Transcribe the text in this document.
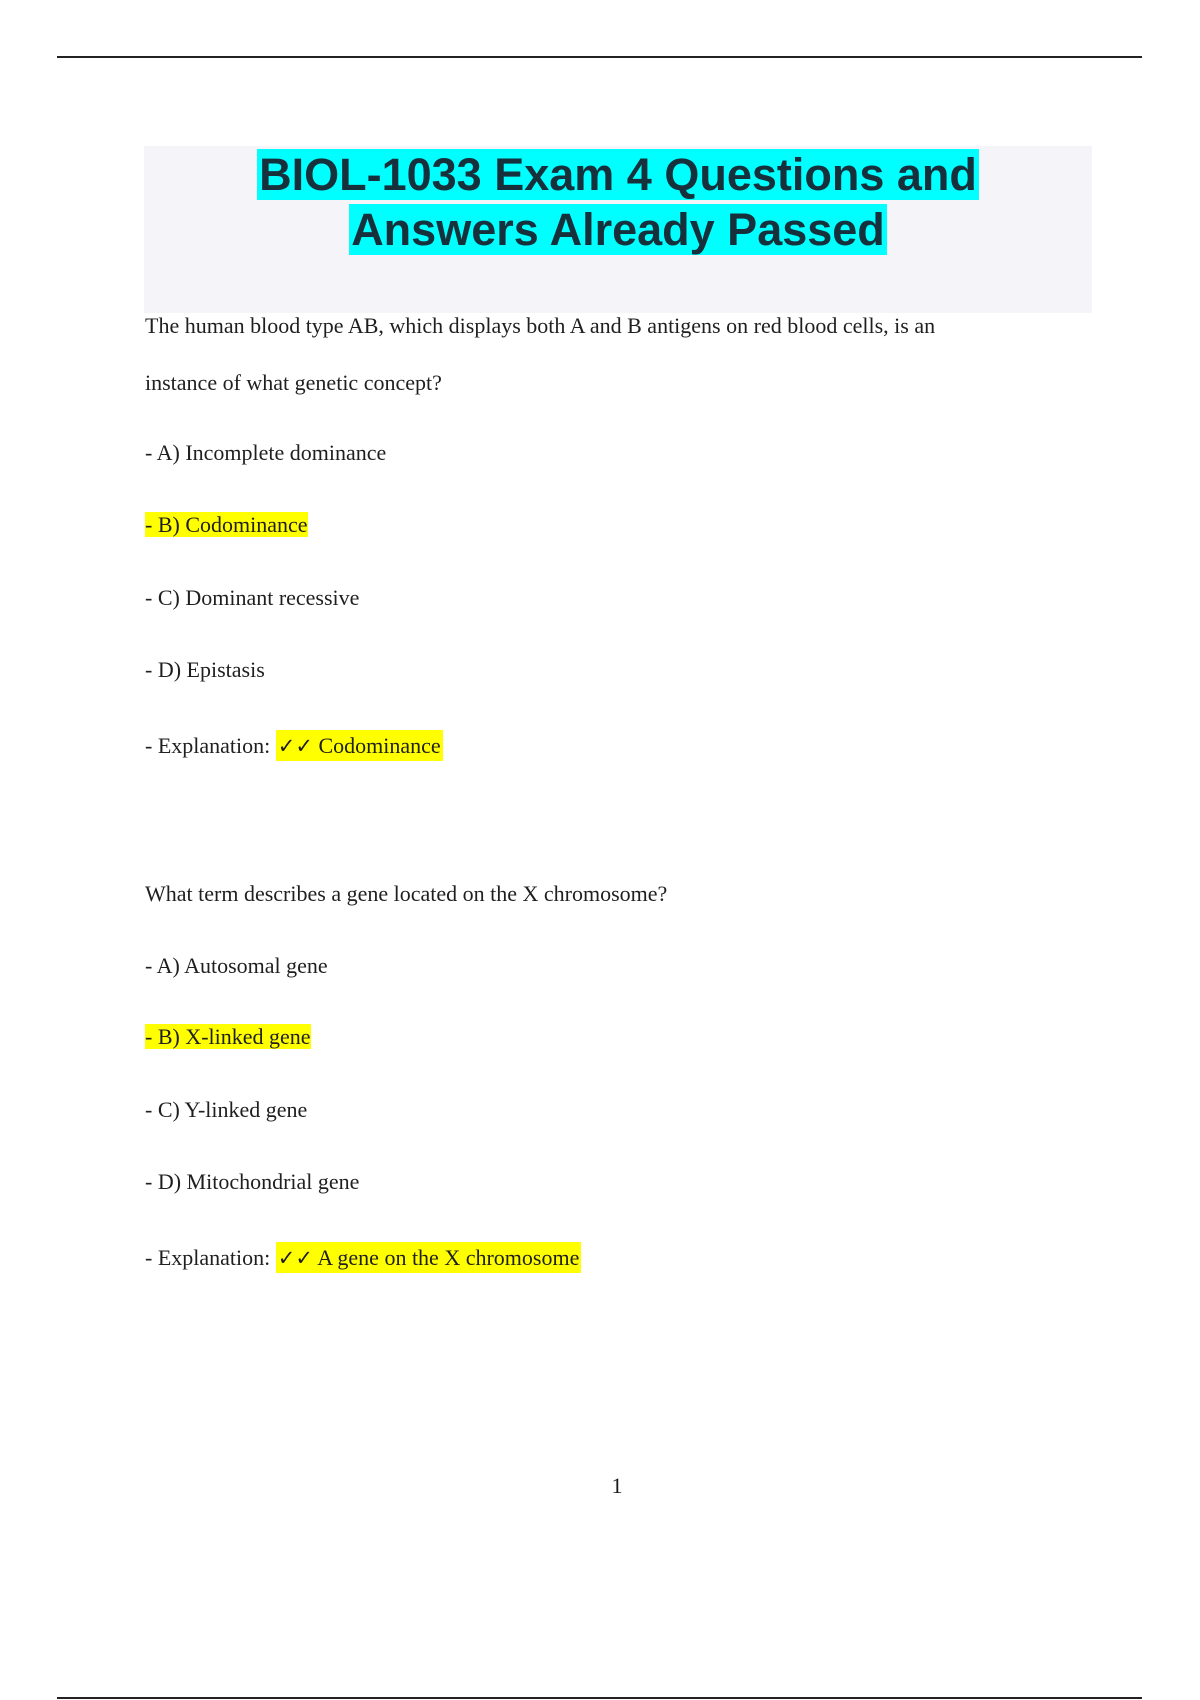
BIOL-1033 Exam 4 Questions and
Answers Already Passed
The human blood type AB, which displays both A and B antigens on red blood cells, is an
instance of what genetic concept?
- A) Incomplete dominance
- B) Codominance
- C) Dominant recessive
- D) Epistasis
- Explanation: ✓✓ Codominance
What term describes a gene located on the X chromosome?
- A) Autosomal gene
- B) X-linked gene
- C) Y-linked gene
- D) Mitochondrial gene
- Explanation: ✓✓ A gene on the X chromosome
1
